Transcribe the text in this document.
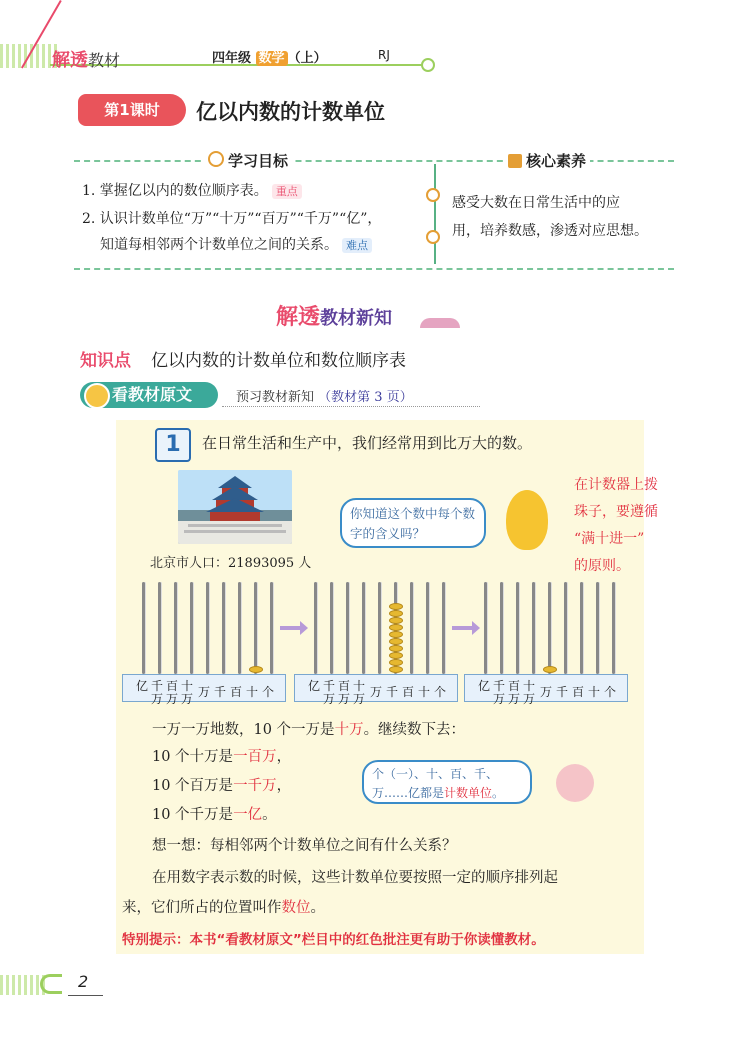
解透教材	四年级 数学 （上）	RJ
第1课时	亿以内数的计数单位
学习目标	核心素养
1. 掌握亿以内的数位顺序表。 重点
2. 认识计数单位“万”“十万”“百万”“千万”“亿”，
知道每相邻两个计数单位之间的关系。 难点
感受大数在日常生活中的应
用，培养数感，渗透对应思想。
解透教材新知
知识点 亿以内数的计数单位和数位顺序表
看教材原文	预习教材新知 （教材第 3 页）
1	在日常生活和生产中，我们经常用到比万大的数。
北京市人口：21893095 人
你知道这个数中每个数字的含义吗？
在计数器上拨
珠子，要遵循
“满十进一”
的原则。
亿 千 百 十
万 万 万 万 千 百 十 个	亿 千 百 十
万 万 万 万 千 百 十 个	亿 千 百 十
万 万 万 万 千 百 十 个
一万一万地数，10 个一万是十万。继续数下去：
10 个十万是一百万，
10 个百万是一千万，
10 个千万是一亿。
个（一）、十、百、千、
万……亿都是计数单位。
想一想：每相邻两个计数单位之间有什么关系？
在用数字表示数的时候，这些计数单位要按照一定的顺序排列起
来，它们所占的位置叫作数位。
特别提示：本书“看教材原文”栏目中的红色批注更有助于你读懂教材。
2
